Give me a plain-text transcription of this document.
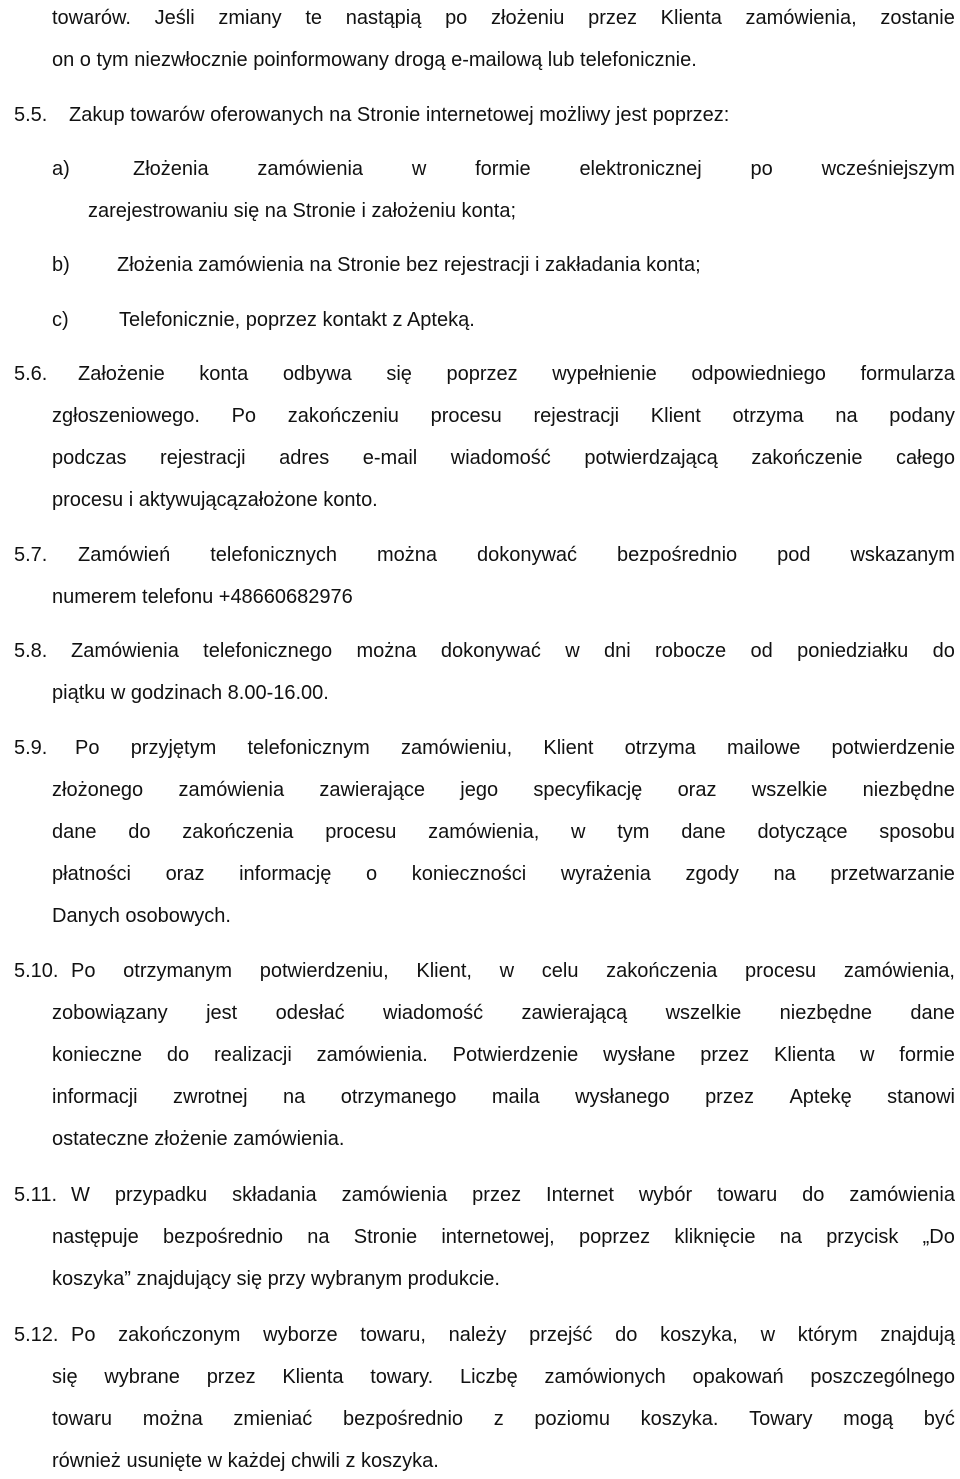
towarów. Jeśli zmiany te nastąpią po złożeniu przez Klienta zamówienia, zostanie
on o tym niezwłocznie poinformowany drogą e-mailową lub telefonicznie.
5.5. Zakup towarów oferowanych na Stronie internetowej możliwy jest poprzez:
a)	Złożenia zamówienia w formie elektronicznej po wcześniejszym
zarejestrowaniu się na Stronie i założeniu konta;
b) Złożenia zamówienia na Stronie bez rejestracji i zakładania konta;
c)	Telefonicznie, poprzez kontakt z Apteką.
5.6. Założenie konta odbywa się poprzez wypełnienie odpowiedniego formularza
zgłoszeniowego. Po zakończeniu procesu rejestracji Klient otrzyma na podany
podczas rejestracji adres e-mail wiadomość potwierdzającą zakończenie całego
procesu i aktywującązałożone konto.
5.7. Zamówień telefonicznych można dokonywać bezpośrednio pod wskazanym
numerem telefonu +48660682976
5.8. Zamówienia telefonicznego można dokonywać w dni robocze od poniedziałku do
piątku w godzinach 8.00-16.00.
5.9. Po przyjętym telefonicznym zamówieniu, Klient otrzyma mailowe potwierdzenie
złożonego zamówienia zawierające jego specyfikację oraz wszelkie niezbędne
dane do zakończenia procesu zamówienia, w tym dane dotyczące sposobu
płatności oraz informację o konieczności wyrażenia zgody na przetwarzanie
Danych osobowych.
5.10. Po otrzymanym potwierdzeniu, Klient, w celu zakończenia procesu zamówienia,
zobowiązany jest odesłać wiadomość zawierającą wszelkie niezbędne dane
konieczne do realizacji zamówienia. Potwierdzenie wysłane przez Klienta w formie
informacji zwrotnej na otrzymanego maila wysłanego przez Aptekę stanowi
ostateczne złożenie zamówienia.
5.11. W przypadku składania zamówienia przez Internet wybór towaru do zamówienia
następuje bezpośrednio na Stronie internetowej, poprzez kliknięcie na przycisk „Do
koszyka” znajdujący się przy wybranym produkcie.
5.12. Po zakończonym wyborze towaru, należy przejść do koszyka, w którym znajdują
się wybrane przez Klienta towary. Liczbę zamówionych opakowań poszczególnego
towaru można zmieniać bezpośrednio z poziomu koszyka. Towary mogą być
również usunięte w każdej chwili z koszyka.
